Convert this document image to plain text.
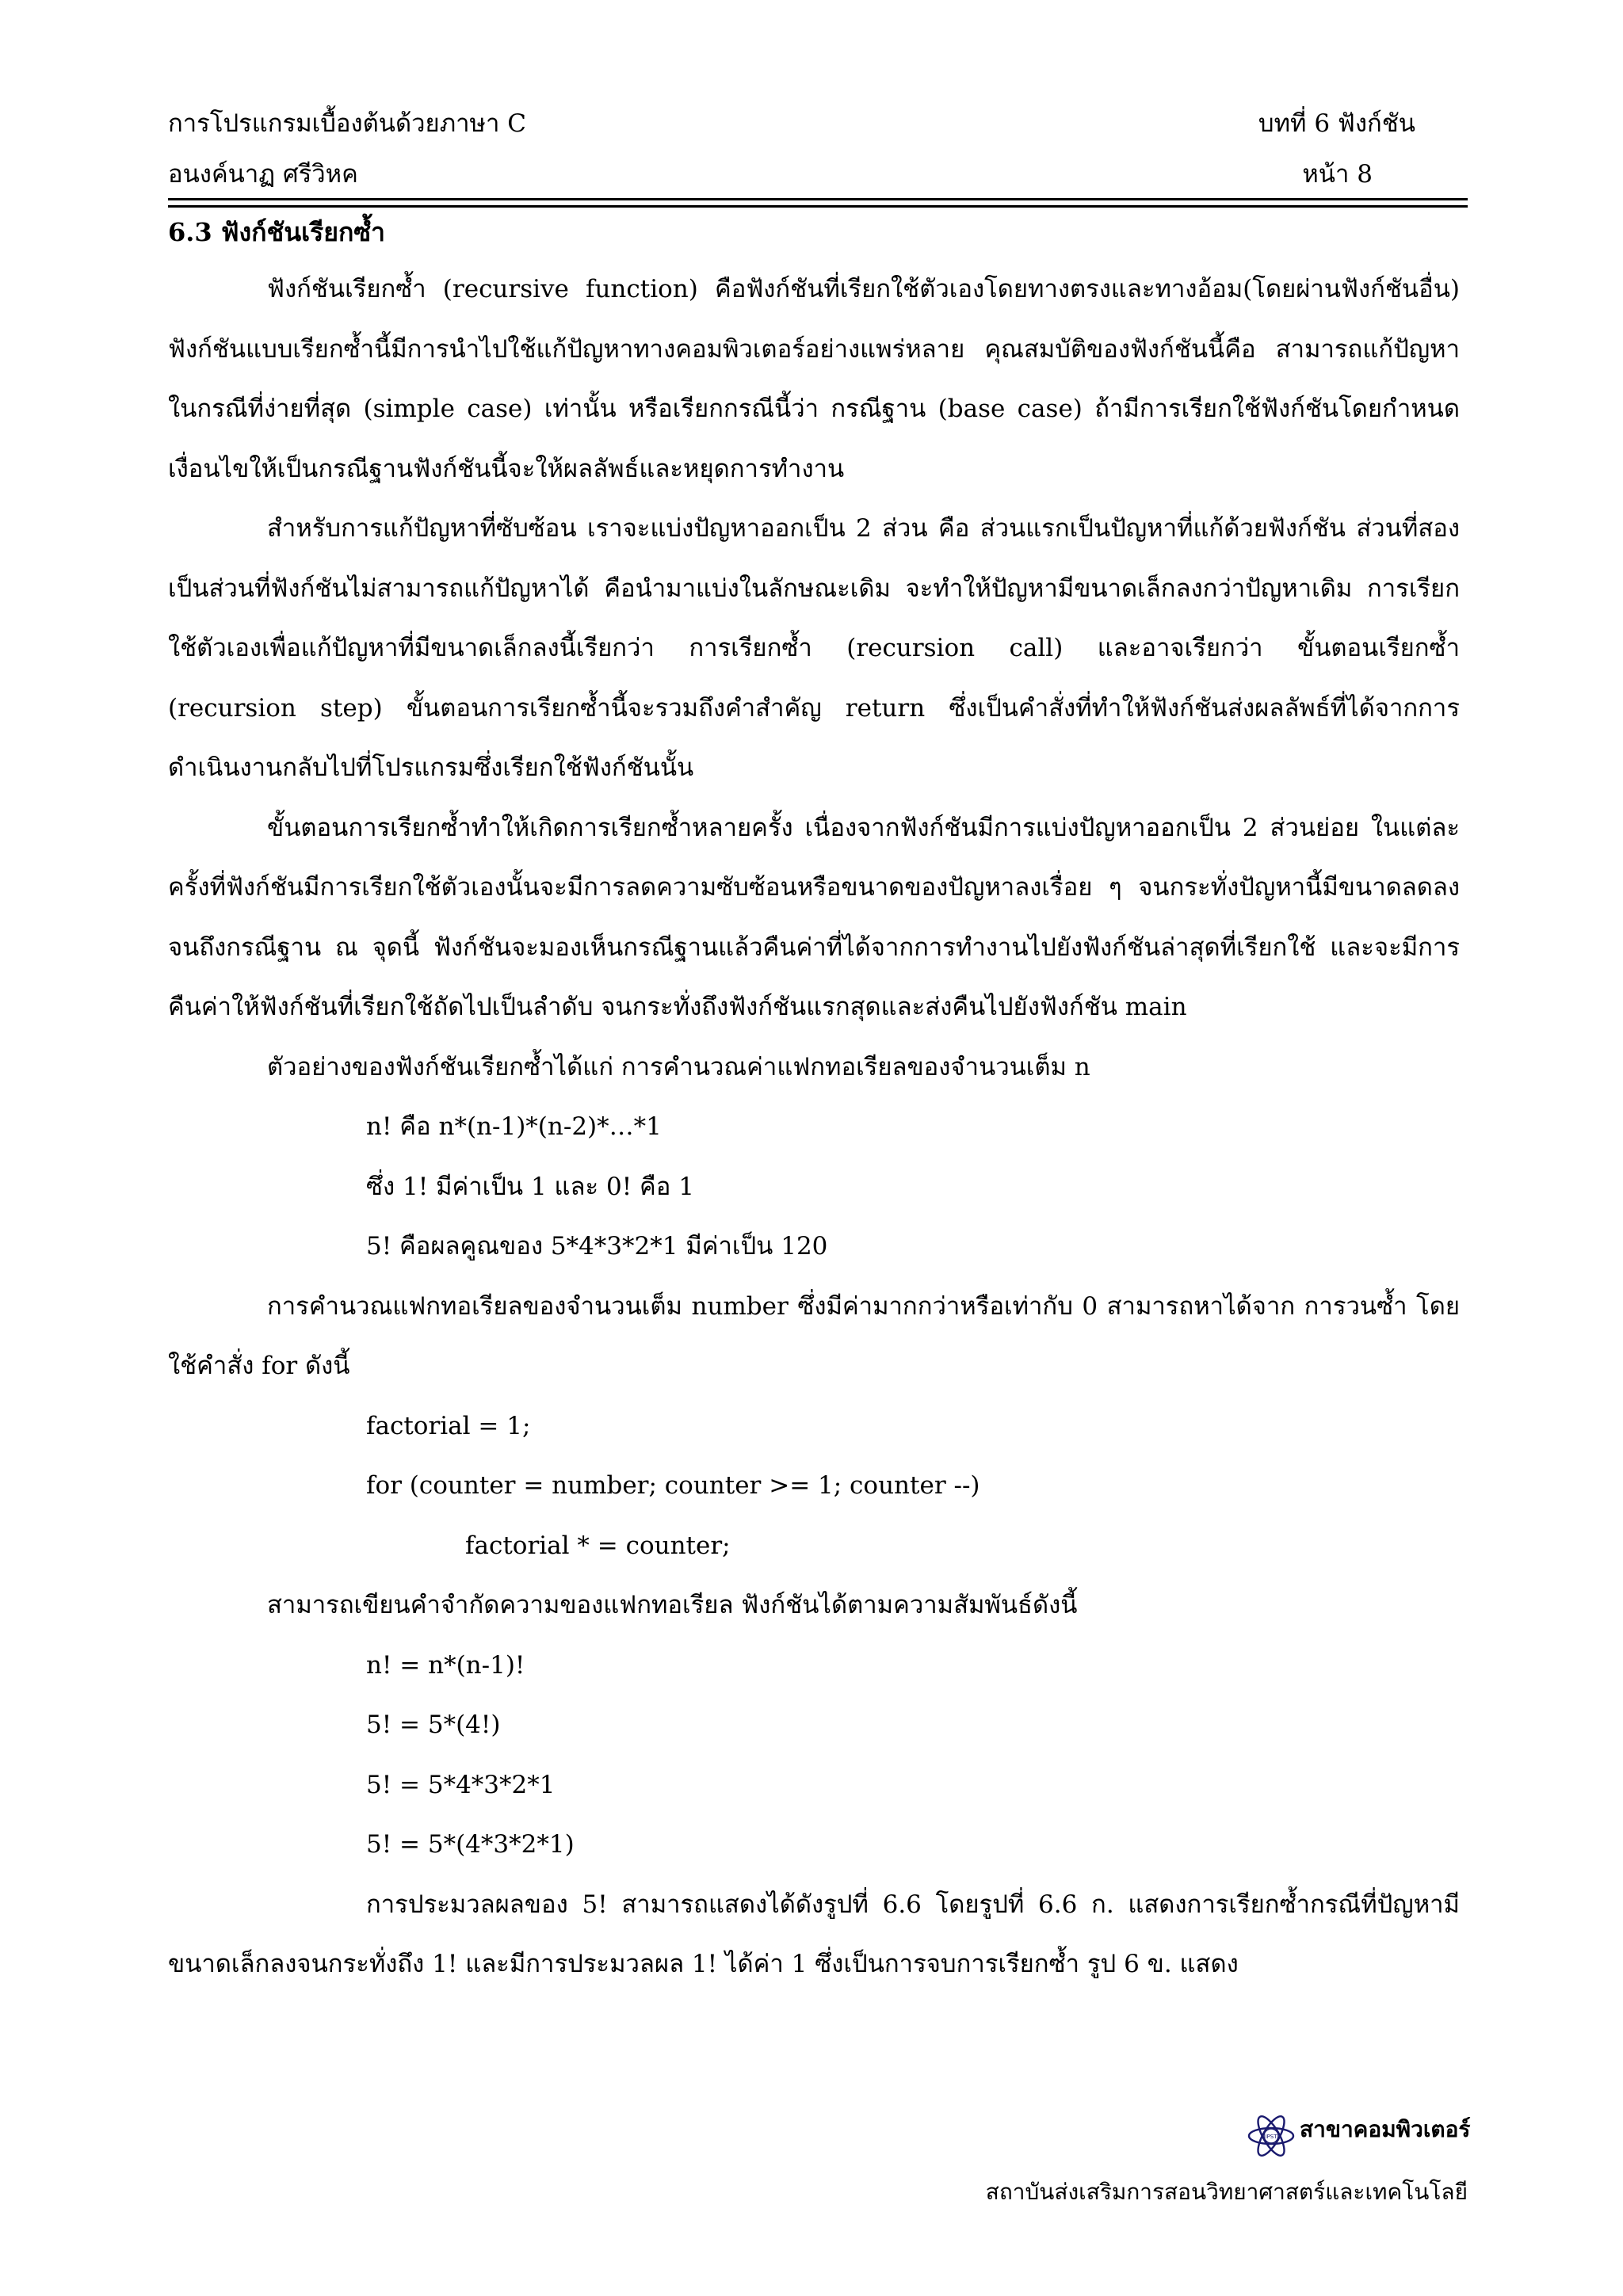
การโปรแกรมเบื้องต้นด้วยภาษา C	บทที่ 6 ฟังก์ชัน
อนงค์นาฏ ศรีวิหค	หน้า 8
6.3 ฟังก์ชันเรียกซ้ำ

ฟังก์ชันเรียกซ้ำ (recursive function) คือฟังก์ชันที่เรียกใช้ตัวเองโดยทางตรงและทางอ้อม(โดยผ่านฟังก์ชันอื่น) ฟังก์ชันแบบเรียกซ้ำนี้มีการนำไปใช้แก้ปัญหาทางคอมพิวเตอร์อย่างแพร่หลาย คุณสมบัติของฟังก์ชันนี้คือ สามารถแก้ปัญหาในกรณีที่ง่ายที่สุด (simple case) เท่านั้น หรือเรียกกรณีนี้ว่า กรณีฐาน (base case) ถ้ามีการเรียกใช้ฟังก์ชันโดยกำหนดเงื่อนไขให้เป็นกรณีฐานฟังก์ชันนี้จะให้ผลลัพธ์และหยุดการทำงาน

สำหรับการแก้ปัญหาที่ซับซ้อน เราจะแบ่งปัญหาออกเป็น 2 ส่วน คือ ส่วนแรกเป็นปัญหาที่แก้ด้วยฟังก์ชัน ส่วนที่สองเป็นส่วนที่ฟังก์ชันไม่สามารถแก้ปัญหาได้ คือนำมาแบ่งในลักษณะเดิม จะทำให้ปัญหามีขนาดเล็กลงกว่าปัญหาเดิม การเรียกใช้ตัวเองเพื่อแก้ปัญหาที่มีขนาดเล็กลงนี้เรียกว่า การเรียกซ้ำ (recursion call) และอาจเรียกว่า ขั้นตอนเรียกซ้ำ (recursion step) ขั้นตอนการเรียกซ้ำนี้จะรวมถึงคำสำคัญ return ซึ่งเป็นคำสั่งที่ทำให้ฟังก์ชันส่งผลลัพธ์ที่ได้จากการดำเนินงานกลับไปที่โปรแกรมซึ่งเรียกใช้ฟังก์ชันนั้น

ขั้นตอนการเรียกซ้ำทำให้เกิดการเรียกซ้ำหลายครั้ง เนื่องจากฟังก์ชันมีการแบ่งปัญหาออกเป็น 2 ส่วนย่อย ในแต่ละครั้งที่ฟังก์ชันมีการเรียกใช้ตัวเองนั้นจะมีการลดความซับซ้อนหรือขนาดของปัญหาลงเรื่อย ๆ จนกระทั่งปัญหานี้มีขนาดลดลงจนถึงกรณีฐาน ณ จุดนี้ ฟังก์ชันจะมองเห็นกรณีฐานแล้วคืนค่าที่ได้จากการทำงานไปยังฟังก์ชันล่าสุดที่เรียกใช้ และจะมีการคืนค่าให้ฟังก์ชันที่เรียกใช้ถัดไปเป็นลำดับ จนกระทั่งถึงฟังก์ชันแรกสุดและส่งคืนไปยังฟังก์ชัน main

ตัวอย่างของฟังก์ชันเรียกซ้ำได้แก่ การคำนวณค่าแฟกทอเรียลของจำนวนเต็ม n

n! คือ n*(n-1)*(n-2)*…*1

ซึ่ง 1! มีค่าเป็น 1 และ 0! คือ 1

5! คือผลคูณของ 5*4*3*2*1 มีค่าเป็น 120

การคำนวณแฟกทอเรียลของจำนวนเต็ม number ซึ่งมีค่ามากกว่าหรือเท่ากับ 0 สามารถหาได้จาก การวนซ้ำ โดยใช้คำสั่ง for ดังนี้

factorial = 1;

for (counter = number; counter >= 1; counter --)

factorial * = counter;

สามารถเขียนคำจำกัดความของแฟกทอเรียล ฟังก์ชันได้ตามความสัมพันธ์ดังนี้

n! = n*(n-1)!

5! = 5*(4!)

5! = 5*4*3*2*1

5! = 5*(4*3*2*1)

การประมวลผลของ 5! สามารถแสดงได้ดังรูปที่ 6.6 โดยรูปที่ 6.6 ก. แสดงการเรียกซ้ำกรณีที่ปัญหามีขนาดเล็กลงจนกระทั่งถึง 1! และมีการประมวลผล 1! ได้ค่า 1 ซึ่งเป็นการจบการเรียกซ้ำ รูป 6 ข. แสดง

IPST สาขาคอมพิวเตอร์
สถาบันส่งเสริมการสอนวิทยาศาสตร์และเทคโนโลยี
